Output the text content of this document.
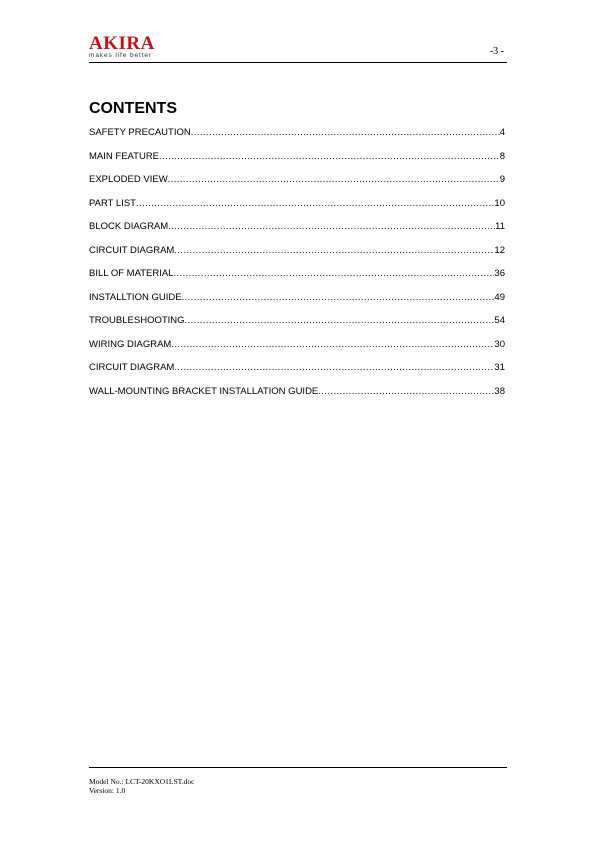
AKIRA
makes life better	-3 -
CONTENTS
SAFETY PRECAUTION .....	4
MAIN FEATURE .....	8
EXPLODED VIEW .....	9
PART LIST .....	10
BLOCK DIAGRAM .....	11
CIRCUIT DIAGRAM .....	12
BILL OF MATERIAL .....	36
INSTALLTION GUIDE .....	49
TROUBLESHOOTING .....	54
WIRING DIAGRAM .....	30
CIRCUIT DIAGRAM .....	31
WALL-MOUNTING BRACKET INSTALLATION GUIDE .....	38
Model No.: LCT-20KXO1LST.doc
Version: 1.0
